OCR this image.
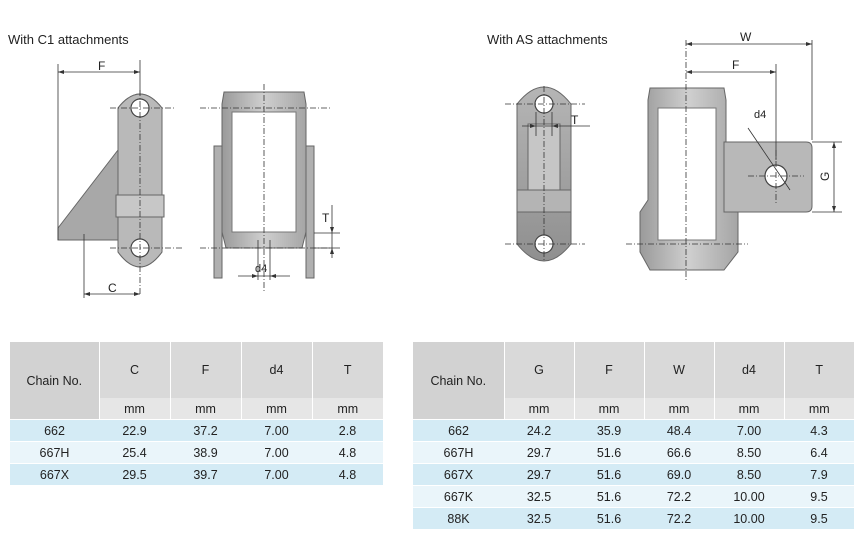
With C1 attachments	With AS attachments
F
C
T
d4
T	d4
W
F
G
Chain No.	C	F	d4	T
	mm	mm	mm	mm
662	22.9	37.2	7.00	2.8
667H	25.4	38.9	7.00	4.8
667X	29.5	39.7	7.00	4.8
Chain No.	G	F	W	d4	T
	mm	mm	mm	mm	mm
662	24.2	35.9	48.4	7.00	4.3
667H	29.7	51.6	66.6	8.50	6.4
667X	29.7	51.6	69.0	8.50	7.9
667K	32.5	51.6	72.2	10.00	9.5
88K	32.5	51.6	72.2	10.00	9.5
